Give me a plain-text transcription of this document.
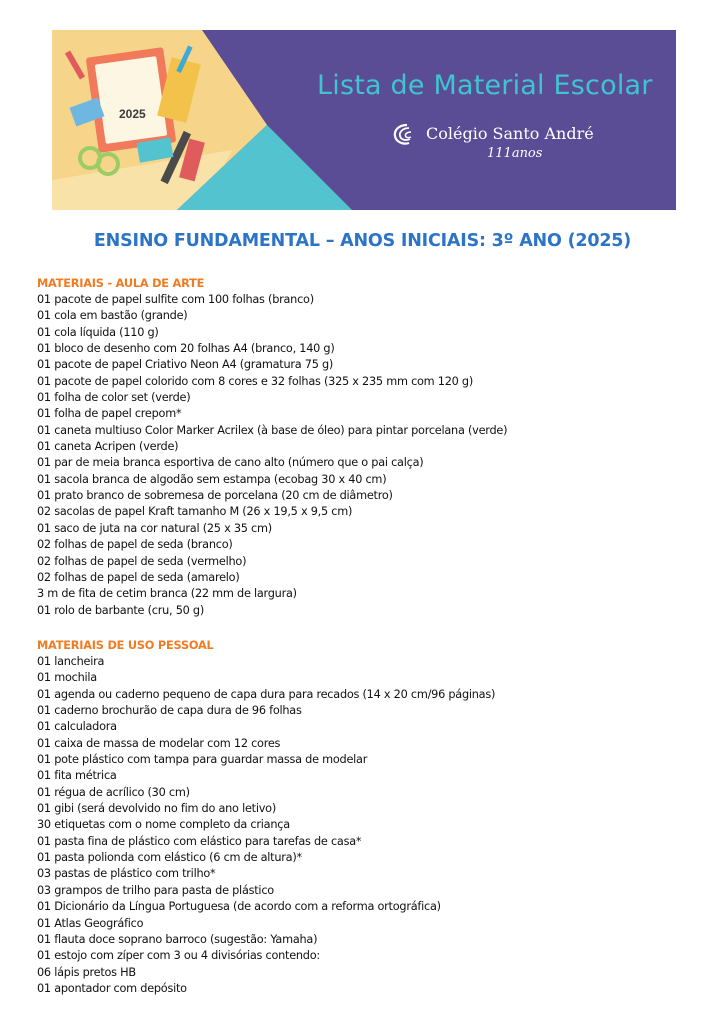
2025
Lista de Material Escolar
Colégio Santo André
111anos
ENSINO FUNDAMENTAL – ANOS INICIAIS: 3º ANO (2025)
MATERIAIS - AULA DE ARTE
01 pacote de papel sulfite com 100 folhas (branco)
01 cola em bastão (grande)
01 cola líquida (110 g)
01 bloco de desenho com 20 folhas A4 (branco, 140 g)
01 pacote de papel Criativo Neon A4 (gramatura 75 g)
01 pacote de papel colorido com 8 cores e 32 folhas (325 x 235 mm com 120 g)
01 folha de color set (verde)
01 folha de papel crepom*
01 caneta multiuso Color Marker Acrilex (à base de óleo) para pintar porcelana (verde)
01 caneta Acripen (verde)
01 par de meia branca esportiva de cano alto (número que o pai calça)
01 sacola branca de algodão sem estampa (ecobag 30 x 40 cm)
01 prato branco de sobremesa de porcelana (20 cm de diâmetro)
02 sacolas de papel Kraft tamanho M (26 x 19,5 x 9,5 cm)
01 saco de juta na cor natural (25 x 35 cm)
02 folhas de papel de seda (branco)
02 folhas de papel de seda (vermelho)
02 folhas de papel de seda (amarelo)
3 m de fita de cetim branca (22 mm de largura)
01 rolo de barbante (cru, 50 g)
MATERIAIS DE USO PESSOAL
01 lancheira
01 mochila
01 agenda ou caderno pequeno de capa dura para recados (14 x 20 cm/96 páginas)
01 caderno brochurão de capa dura de 96 folhas
01 calculadora
01 caixa de massa de modelar com 12 cores
01 pote plástico com tampa para guardar massa de modelar
01 fita métrica
01 régua de acrílico (30 cm)
01 gibi (será devolvido no fim do ano letivo)
30 etiquetas com o nome completo da criança
01 pasta fina de plástico com elástico para tarefas de casa*
01 pasta polionda com elástico (6 cm de altura)*
03 pastas de plástico com trilho*
03 grampos de trilho para pasta de plástico
01 Dicionário da Língua Portuguesa (de acordo com a reforma ortográfica)
01 Atlas Geográfico
01 flauta doce soprano barroco (sugestão: Yamaha)
01 estojo com zíper com 3 ou 4 divisórias contendo:
06 lápis pretos HB
01 apontador com depósito
